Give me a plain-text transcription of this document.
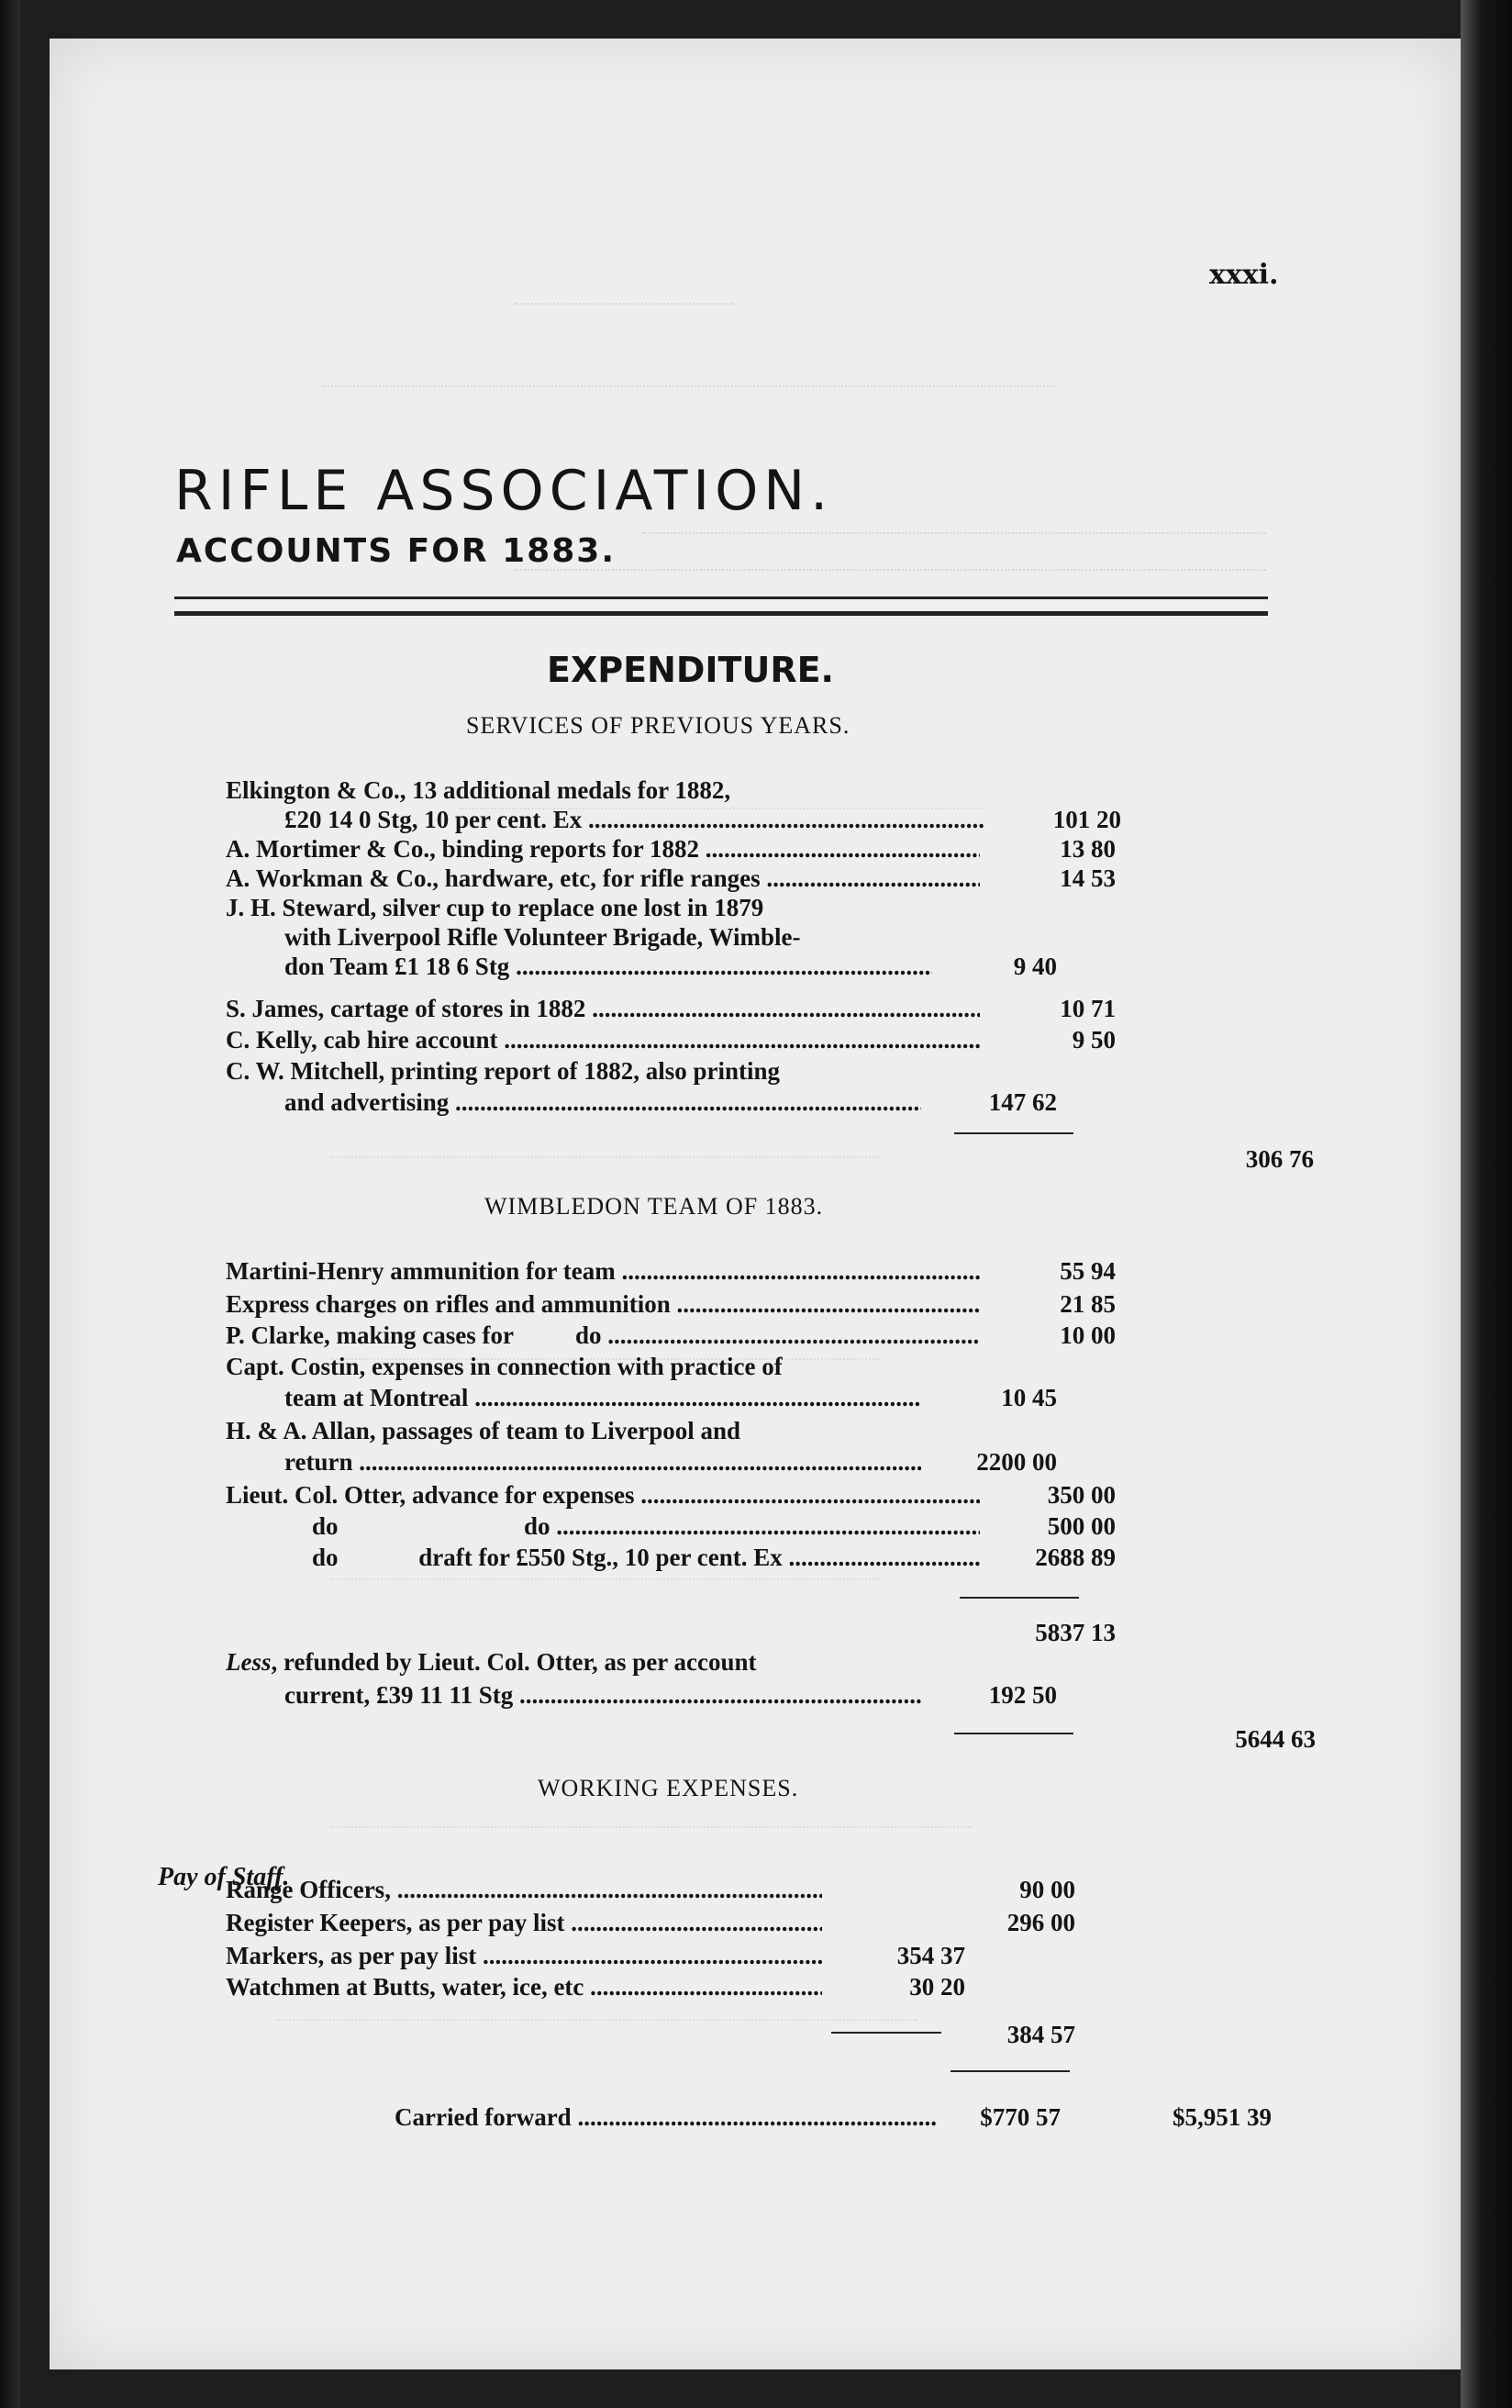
xxxi.
RIFLE ASSOCIATION.
ACCOUNTS FOR 1883.
EXPENDITURE.
SERVICES OF PREVIOUS YEARS.
Elkington & Co., 13 additional medals for 1882,
£20 14 0 Stg, 10 per cent. Ex .....	101 20
A. Mortimer & Co., binding reports for 1882 .....	13 80
A. Workman & Co., hardware, etc, for rifle ranges .....	14 53
J. H. Steward, silver cup to replace one lost in 1879
with Liverpool Rifle Volunteer Brigade, Wimble-
don Team £1 18 6 Stg .....	9 40
S. James, cartage of stores in 1882 .....	10 71
C. Kelly, cab hire account .....	9 50
C. W. Mitchell, printing report of 1882, also printing
and advertising .....	147 62
306 76
WIMBLEDON TEAM OF 1883.
Martini-Henry ammunition for team .....	55 94
Express charges on rifles and ammunition .....	21 85
P. Clarke, making cases for          do .....	10 00
Capt. Costin, expenses in connection with practice of
team at Montreal .....	10 45
H. & A. Allan, passages of team to Liverpool and
return .....	2200 00
Lieut. Col. Otter, advance for expenses .....	350 00
do                              do .....	500 00
do             draft for £550 Stg., 10 per cent. Ex .....	2688 89
5837 13
Less, refunded by Lieut. Col. Otter, as per account
current, £39 11 11 Stg .....	192 50
5644 63
WORKING EXPENSES.
Pay of Staff.
Range Officers, .....	90 00
Register Keepers, as per pay list .....	296 00
Markers, as per pay list .....	354 37
Watchmen at Butts, water, ice, etc .....	30 20
384 57
Carried forward .....	$770 57	$5,951 39
